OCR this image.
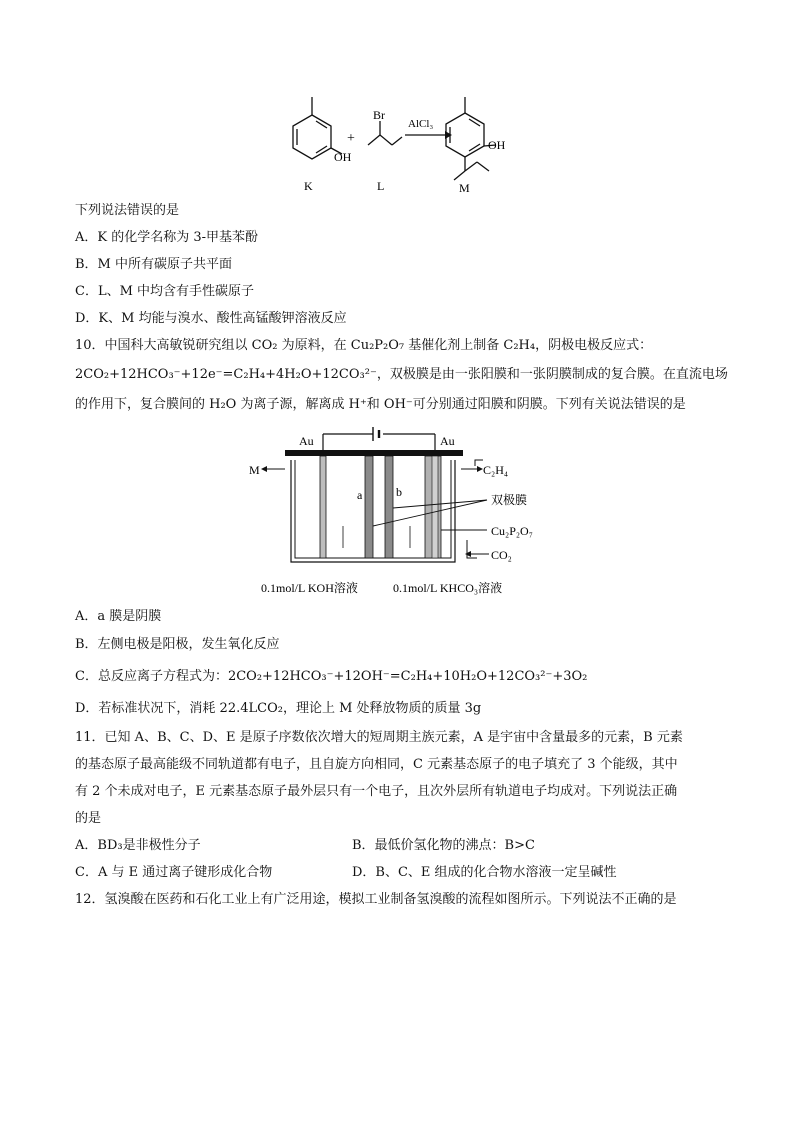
OH
K
+
Br
L
AlCl₃
OH
M
下列说法错误的是
A．K 的化学名称为 3-甲基苯酚
B．M 中所有碳原子共平面
C．L、M 中均含有手性碳原子
D．K、M 均能与溴水、酸性高锰酸钾溶液反应
10．中国科大高敏锐研究组以 CO₂ 为原料，在 Cu₂P₂O₇ 基催化剂上制备 C₂H₄，阴极电极反应式：
2CO₂+12HCO₃⁻+12e⁻=C₂H₄+4H₂O+12CO₃²⁻，双极膜是由一张阳膜和一张阴膜制成的复合膜。在直流电场
的作用下，复合膜间的 H₂O 为离子源，解离成 H⁺和 OH⁻可分别通过阳膜和阴膜。下列有关说法错误的是
Au	Au
M	C₂H₄
a	b
双极膜
Cu₂P₂O₇
CO₂
0.1mol/L KOH溶液	0.1mol/L KHCO₃溶液
A．a 膜是阴膜
B．左侧电极是阳极，发生氧化反应
C．总反应离子方程式为：2CO₂+12HCO₃⁻+12OH⁻=C₂H₄+10H₂O+12CO₃²⁻+3O₂
D．若标准状况下，消耗 22.4LCO₂，理论上 M 处释放物质的质量 3g
11．已知 A、B、C、D、E 是原子序数依次增大的短周期主族元素，A 是宇宙中含量最多的元素，B 元素
的基态原子最高能级不同轨道都有电子，且自旋方向相同，C 元素基态原子的电子填充了 3 个能级，其中
有 2 个未成对电子，E 元素基态原子最外层只有一个电子，且次外层所有轨道电子均成对。下列说法正确
的是
A．BD₃是非极性分子	B．最低价氢化物的沸点：B>C
C．A 与 E 通过离子键形成化合物	D．B、C、E 组成的化合物水溶液一定呈碱性
12．氢溴酸在医药和石化工业上有广泛用途，模拟工业制备氢溴酸的流程如图所示。下列说法不正确的是
